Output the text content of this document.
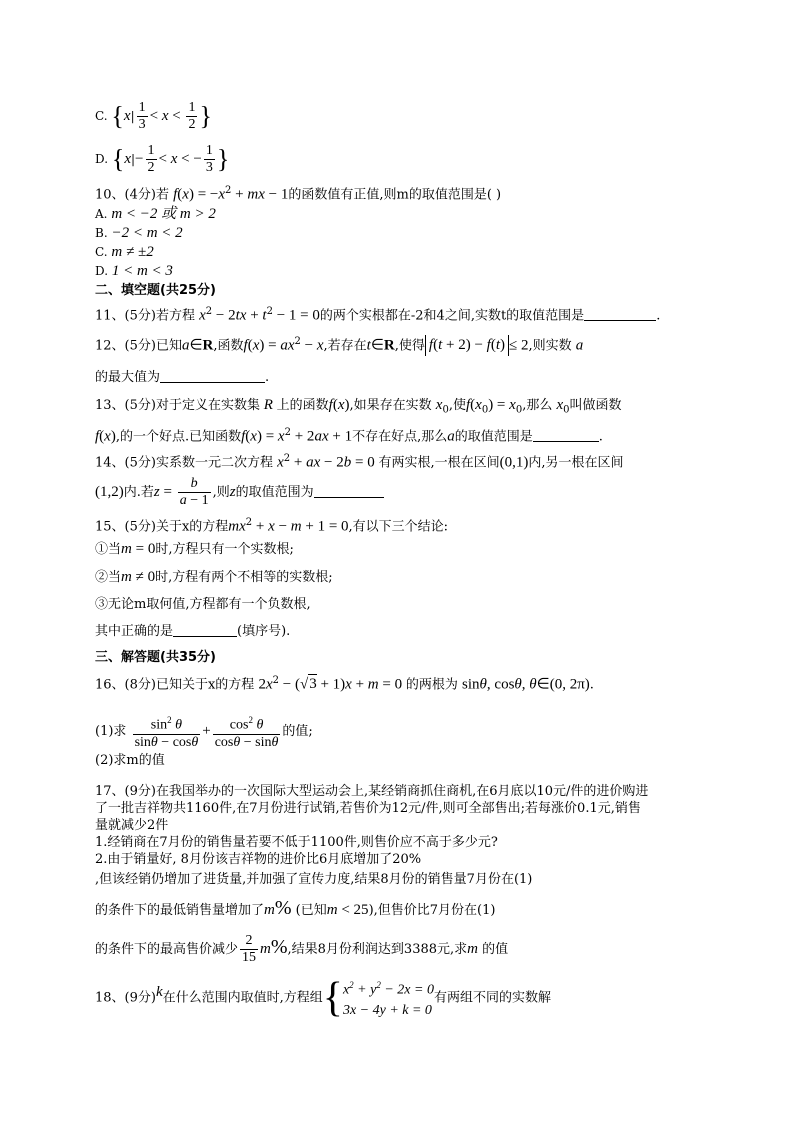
C. {$x| \frac{1}{3} < x < \frac{1}{2}$ }
D. {$x|- \frac{1}{2} < x$ < − $\frac{1}{3}$ }
10、(4分)若 $f(x) = -x^2$ + mx − 1的函数值有正值,则m的取值范围是( )
A. m < −2 或 m > 2
B. −2 < m < 2
C. m ≠ ±2
D. 1 < m < 3
二、填空题(共25分)
11、(5分)若方程 $x^2 - 2tx + t^2 - 1 = 0$的两个实根都在-2和4之间,实数t的取值范围是	.
12、(5分)已知a∈R,函数$f(x) = ax^2 - x$,若存在t∈R,使得 f(t + 2) − f(t) ≤ 2,则实数 a
的最大值为	.
13、(5分)对于定义在实数集 R 上的函数f(x),如果存在实数 $x_0$,使$f(x_0) = x_0$,那么 $x_0$叫做函数
f(x),的一个好点.已知函数$f(x) = x^2 + 2ax + 1$不存在好点,那么a的取值范围是	.
14、(5分)实系数一元二次方程 $x^2$ + ax − 2b = 0 有两实根,一根在区间(0,1)内,另一根在区间
(1,2)内.若$z = \frac{b}{a - 1}$ ,则z的取值范围为
15、(5分)关于x的方程$mx^2 + x - m + 1 = 0$,有以下三个结论:
①当m = 0时,方程只有一个实数根;
②当m ≠ 0时,方程有两个不相等的实数根;
③无论m取何值,方程都有一个负数根,
其中正确的是	(填序号).
三、解答题(共35分)
16、(8分)已知关于x的方程 $2x^2 - (√3 + 1)x + m = 0$ 的两根为 sinθ, cosθ, θ∈(0, 2π).
(1)求 $\frac{\sin^2 \theta}{\sin\theta - \cos\theta} + \frac{\cos^2 \theta}{\cos\theta - \sin\theta}$ 的值;
(2)求m的值
17、(9分)在我国举办的一次国际大型运动会上,某经销商抓住商机,在6月底以10元/件的进价购进
了一批吉祥物共1160件,在7月份进行试销,若售价为12元/件,则可全部售出;若每涨价0.1元,销售
量就减少2件
1.经销商在7月份的销售量若要不低于1100件,则售价应不高于多少元?
2.由于销量好, 8月份该吉祥物的进价比6月底增加了20%
,但该经销仍增加了进货量,并加强了宣传力度,结果8月份的销售量7月份在(1)
的条件下的最低销售量增加了m% (已知m < 25),但售价比7月份在(1)
的条件下的最高售价减少 $\frac{2}{15} m\%$,结果8月份利润达到3388元,求m 的值
18、(9分)k在什么范围内取值时,方程组{ $x^2 + y^2 - 2x = 0$
3x − 4y + k = 0
有两组不同的实数解
